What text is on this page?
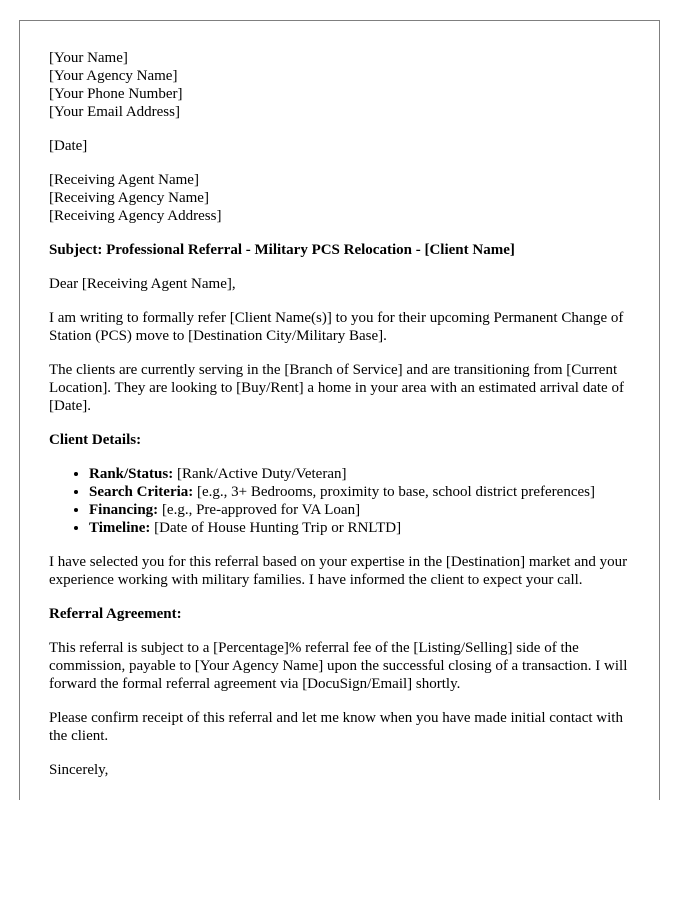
[Your Name]
[Your Agency Name]
[Your Phone Number]
[Your Email Address]
[Date]
[Receiving Agent Name]
[Receiving Agency Name]
[Receiving Agency Address]

Subject: Professional Referral - Military PCS Relocation - [Client Name]

Dear [Receiving Agent Name],

I am writing to formally refer [Client Name(s)] to you for their upcoming Permanent Change of Station (PCS) move to [Destination City/Military Base].

The clients are currently serving in the [Branch of Service] and are transitioning from [Current Location]. They are looking to [Buy/Rent] a home in your area with an estimated arrival date of [Date].

Client Details:

• Rank/Status: [Rank/Active Duty/Veteran]
• Search Criteria: [e.g., 3+ Bedrooms, proximity to base, school district preferences]
• Financing: [e.g., Pre-approved for VA Loan]
• Timeline: [Date of House Hunting Trip or RNLTD]

I have selected you for this referral based on your expertise in the [Destination] market and your experience working with military families. I have informed the client to expect your call.

Referral Agreement:

This referral is subject to a [Percentage]% referral fee of the [Listing/Selling] side of the commission, payable to [Your Agency Name] upon the successful closing of a transaction. I will forward the formal referral agreement via [DocuSign/Email] shortly.

Please confirm receipt of this referral and let me know when you have made initial contact with the client.

Sincerely,
